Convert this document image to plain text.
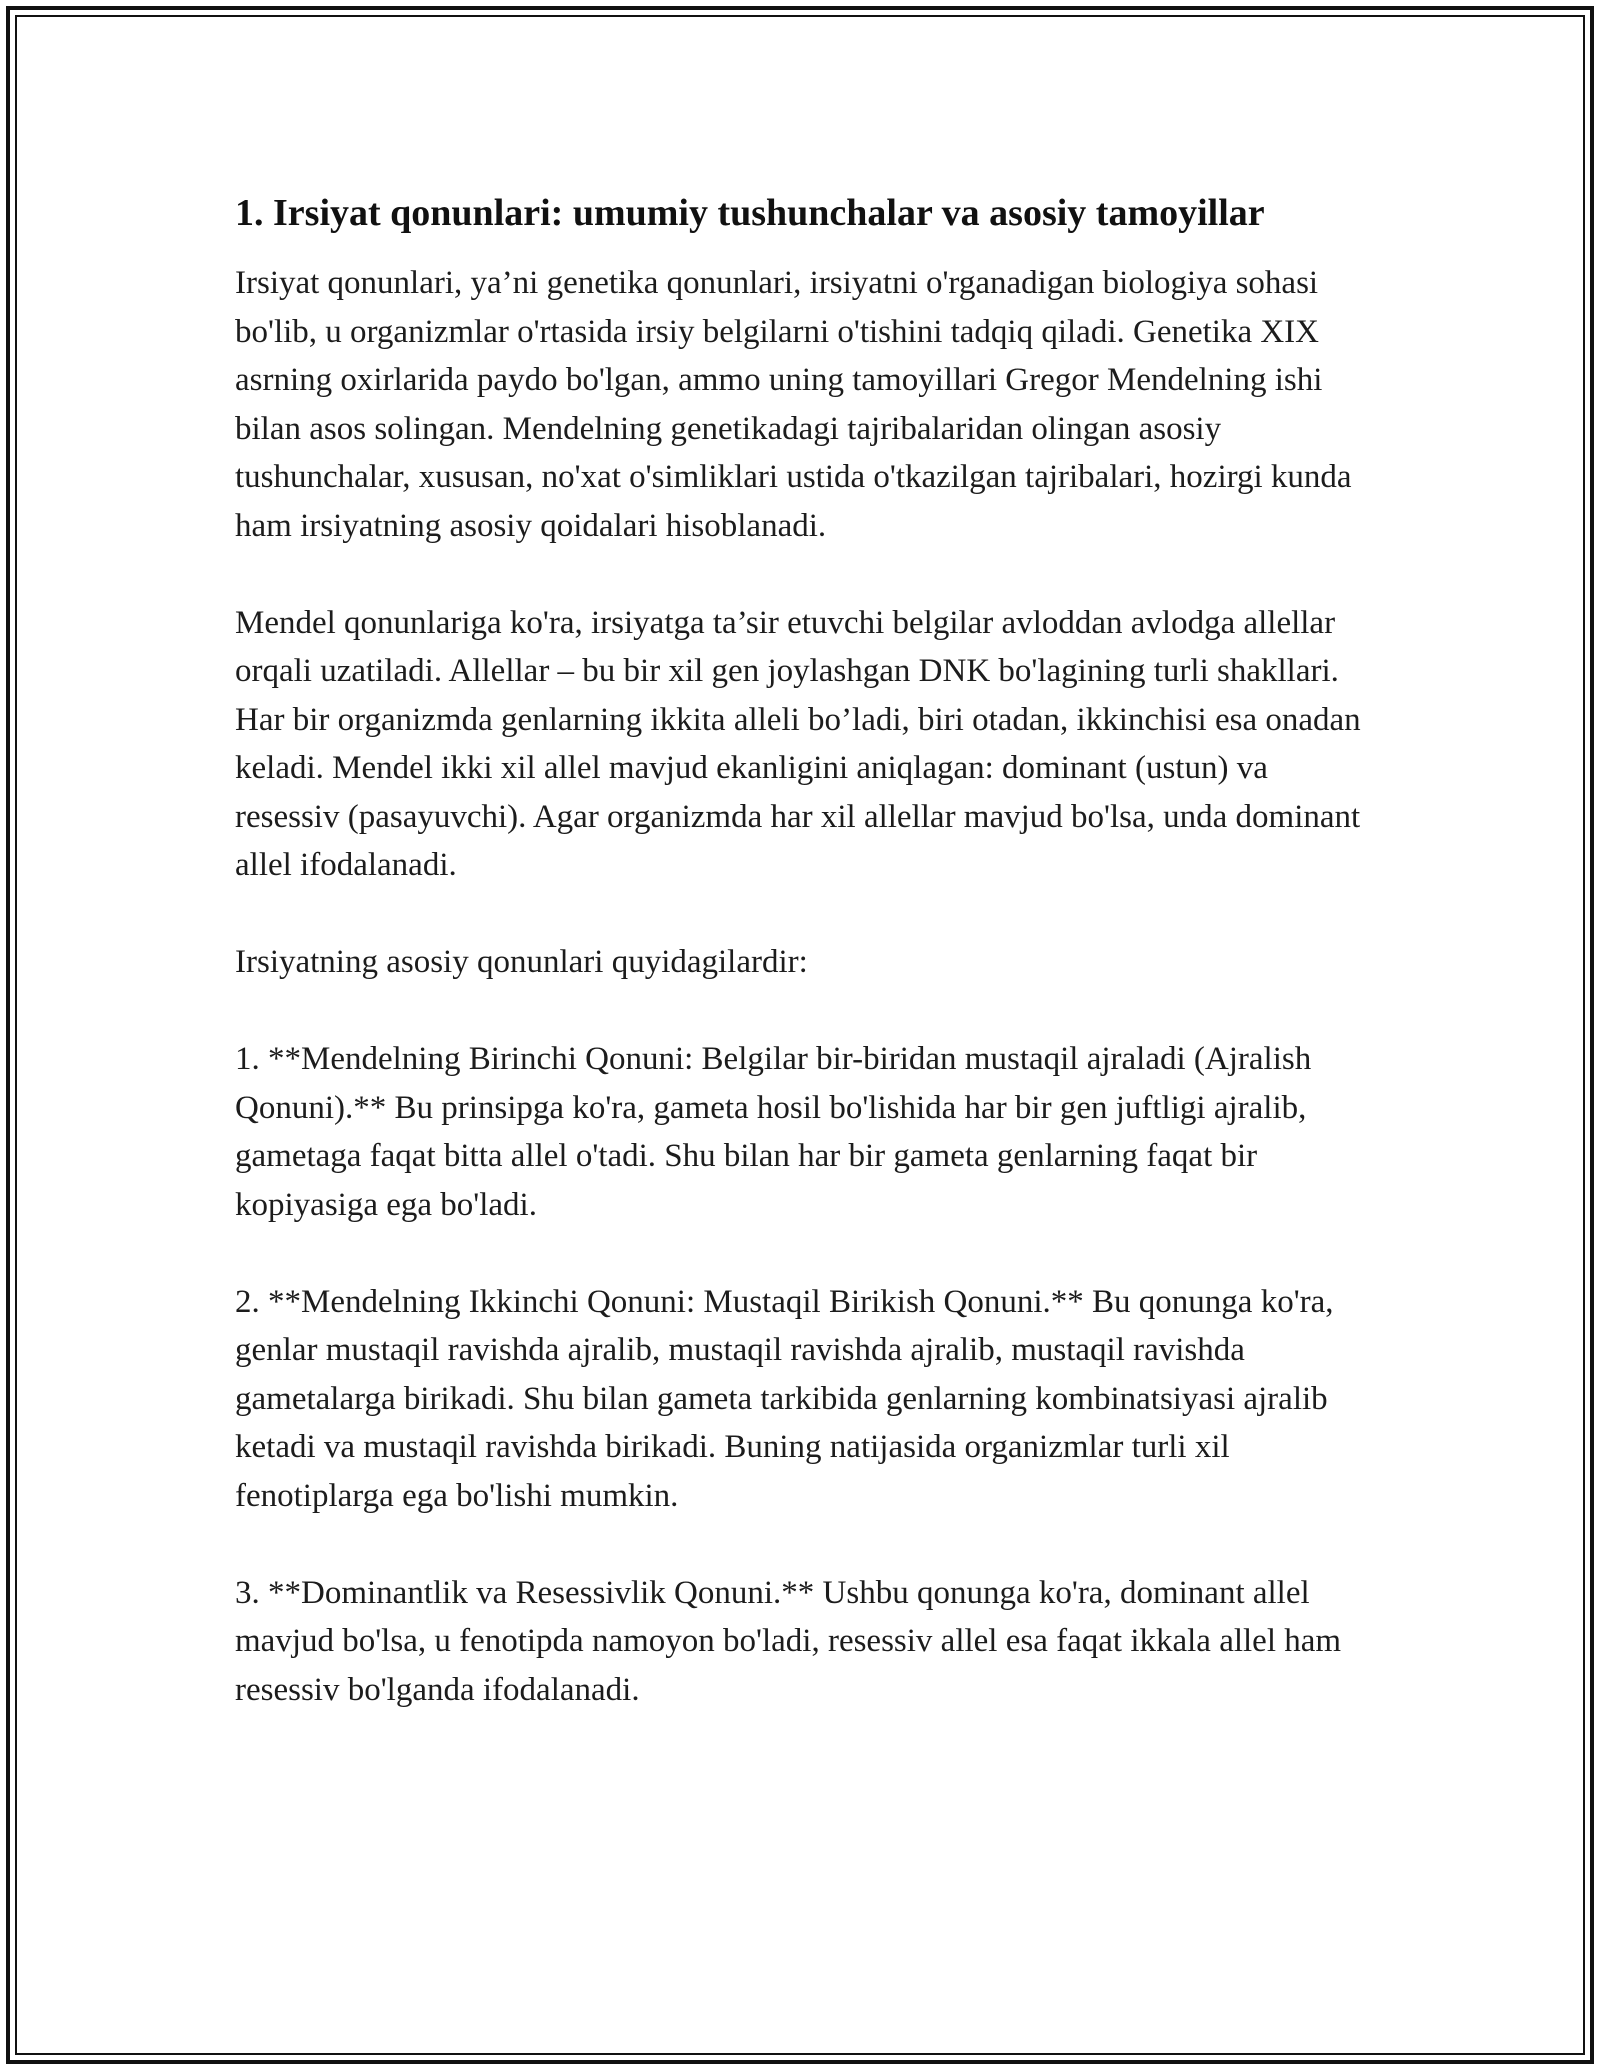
1. Irsiyat qonunlari: umumiy tushunchalar va asosiy tamoyillar

Irsiyat qonunlari, ya’ni genetika qonunlari, irsiyatni o'rganadigan biologiya sohasi bo'lib, u organizmlar o'rtasida irsiy belgilarni o'tishini tadqiq qiladi. Genetika XIX asrning oxirlarida paydo bo'lgan, ammo uning tamoyillari Gregor Mendelning ishi bilan asos solingan. Mendelning genetikadagi tajribalaridan olingan asosiy tushunchalar, xususan, no'xat o'simliklari ustida o'tkazilgan tajribalari, hozirgi kunda ham irsiyatning asosiy qoidalari hisoblanadi.

Mendel qonunlariga ko'ra, irsiyatga ta’sir etuvchi belgilar avloddan avlodga allellar orqali uzatiladi. Allellar – bu bir xil gen joylashgan DNK bo'lagining turli shakllari. Har bir organizmda genlarning ikkita alleli bo’ladi, biri otadan, ikkinchisi esa onadan keladi. Mendel ikki xil allel mavjud ekanligini aniqlagan: dominant (ustun) va resessiv (pasayuvchi). Agar organizmda har xil allellar mavjud bo'lsa, unda dominant allel ifodalanadi.

Irsiyatning asosiy qonunlari quyidagilardir:

1. **Mendelning Birinchi Qonuni: Belgilar bir-biridan mustaqil ajraladi (Ajralish Qonuni).** Bu prinsipga ko'ra, gameta hosil bo'lishida har bir gen juftligi ajralib, gametaga faqat bitta allel o'tadi. Shu bilan har bir gameta genlarning faqat bir kopiyasiga ega bo'ladi.

2. **Mendelning Ikkinchi Qonuni: Mustaqil Birikish Qonuni.** Bu qonunga ko'ra, genlar mustaqil ravishda ajralib, mustaqil ravishda ajralib, mustaqil ravishda gametalarga birikadi. Shu bilan gameta tarkibida genlarning kombinatsiyasi ajralib ketadi va mustaqil ravishda birikadi. Buning natijasida organizmlar turli xil fenotiplarga ega bo'lishi mumkin.

3. **Dominantlik va Resessivlik Qonuni.** Ushbu qonunga ko'ra, dominant allel mavjud bo'lsa, u fenotipda namoyon bo'ladi, resessiv allel esa faqat ikkala allel ham resessiv bo'lganda ifodalanadi.
